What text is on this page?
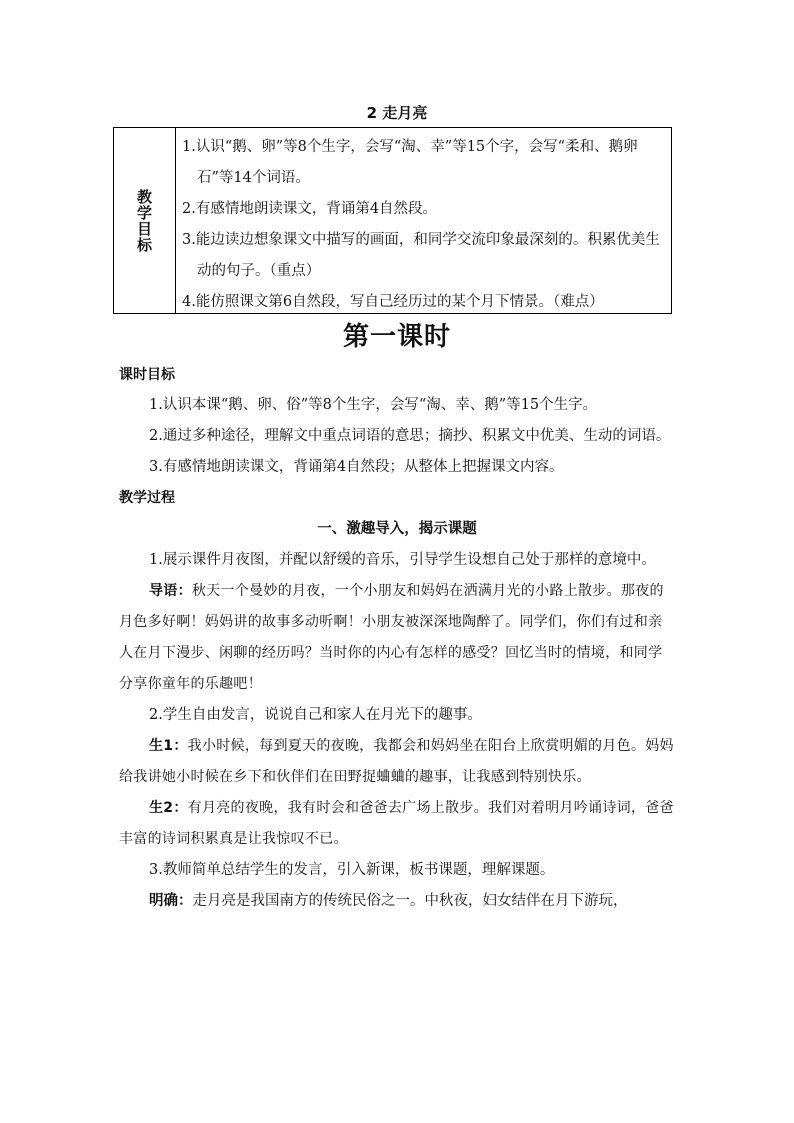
2 走月亮
教学目标
1.认识“鹅、卵”等8个生字，会写“淘、幸”等15个字，会写“柔和、鹅卵石”等14个词语。
2.有感情地朗读课文，背诵第4自然段。
3.能边读边想象课文中描写的画面，和同学交流印象最深刻的。积累优美生动的句子。（重点）
4.能仿照课文第6自然段，写自己经历过的某个月下情景。（难点）
第一课时
课时目标
1.认识本课“鹅、卵、俗”等8个生字，会写“淘、幸、鹅”等15个生字。
2.通过多种途径，理解文中重点词语的意思；摘抄、积累文中优美、生动的词语。
3.有感情地朗读课文，背诵第4自然段；从整体上把握课文内容。
教学过程
一、激趣导入，揭示课题
1.展示课件月夜图，并配以舒缓的音乐，引导学生设想自己处于那样的意境中。
导语：秋天一个曼妙的月夜，一个小朋友和妈妈在洒满月光的小路上散步。那夜的月色多好啊！妈妈讲的故事多动听啊！小朋友被深深地陶醉了。同学们，你们有过和亲人在月下漫步、闲聊的经历吗？当时你的内心有怎样的感受？回忆当时的情境，和同学分享你童年的乐趣吧！
2.学生自由发言，说说自己和家人在月光下的趣事。
生1：我小时候，每到夏天的夜晚，我都会和妈妈坐在阳台上欣赏明媚的月色。妈妈给我讲她小时候在乡下和伙伴们在田野捉蛐蛐的趣事，让我感到特别快乐。
生2：有月亮的夜晚，我有时会和爸爸去广场上散步。我们对着明月吟诵诗词，爸爸丰富的诗词积累真是让我惊叹不已。
3.教师简单总结学生的发言，引入新课，板书课题，理解课题。
明确：走月亮是我国南方的传统民俗之一。中秋夜，妇女结伴在月下游玩，
